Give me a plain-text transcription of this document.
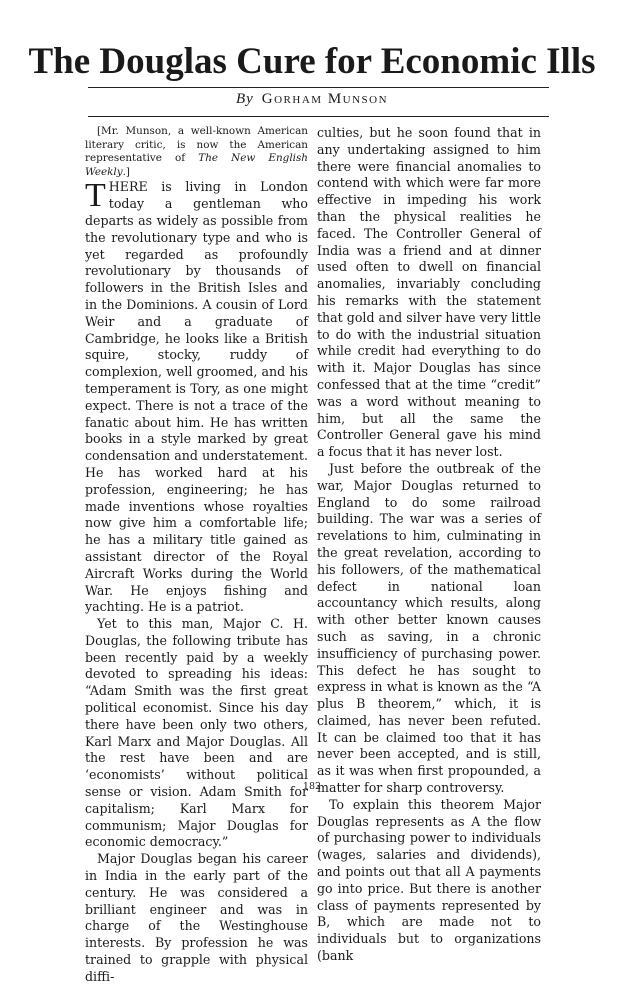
The Douglas Cure for Economic Ills

By Gorham Munson

[Mr. Munson, a well-known American literary critic, is now the American representative of The New English Weekly.]

THERE is living in London today a gentleman who departs as widely as possible from the revolutionary type and who is yet regarded as profoundly revolutionary by thousands of followers in the British Isles and in the Dominions. A cousin of Lord Weir and a graduate of Cambridge, he looks like a British squire, stocky, ruddy of complexion, well groomed, and his temperament is Tory, as one might expect. There is not a trace of the fanatic about him. He has written books in a style marked by great condensation and understatement. He has worked hard at his profession, engineering; he has made inventions whose royalties now give him a comfortable life; he has a military title gained as assistant director of the Royal Aircraft Works during the World War. He enjoys fishing and yachting. He is a patriot.

Yet to this man, Major C. H. Douglas, the following tribute has been recently paid by a weekly devoted to spreading his ideas: “Adam Smith was the first great political economist. Since his day there have been only two others, Karl Marx and Major Douglas. All the rest have been and are ‘economists’ without political sense or vision. Adam Smith for capitalism; Karl Marx for communism; Major Douglas for economic democracy.”

Major Douglas began his career in India in the early part of the century. He was considered a brilliant engineer and was in charge of the Westinghouse interests. By profession he was trained to grapple with physical diffi-

culties, but he soon found that in any undertaking assigned to him there were financial anomalies to contend with which were far more effective in impeding his work than the physical realities he faced. The Controller General of India was a friend and at dinner used often to dwell on financial anomalies, invariably concluding his remarks with the statement that gold and silver have very little to do with the industrial situation while credit had everything to do with it. Major Douglas has since confessed that at the time “credit” was a word without meaning to him, but all the same the Controller General gave his mind a focus that it has never lost.

Just before the outbreak of the war, Major Douglas returned to England to do some railroad building. The war was a series of revelations to him, culminating in the great revelation, according to his followers, of the mathematical defect in national loan accountancy which results, along with other better known causes such as saving, in a chronic insufficiency of purchasing power. This defect he has sought to express in what is known as the “A plus B theorem,” which, it is claimed, has never been refuted. It can be claimed too that it has never been accepted, and is still, as it was when first propounded, a matter for sharp controversy.

To explain this theorem Major Douglas represents as A the flow of purchasing power to individuals (wages, salaries and dividends), and points out that all A payments go into price. But there is another class of payments represented by B, which are made not to individuals but to organizations (bank

182
